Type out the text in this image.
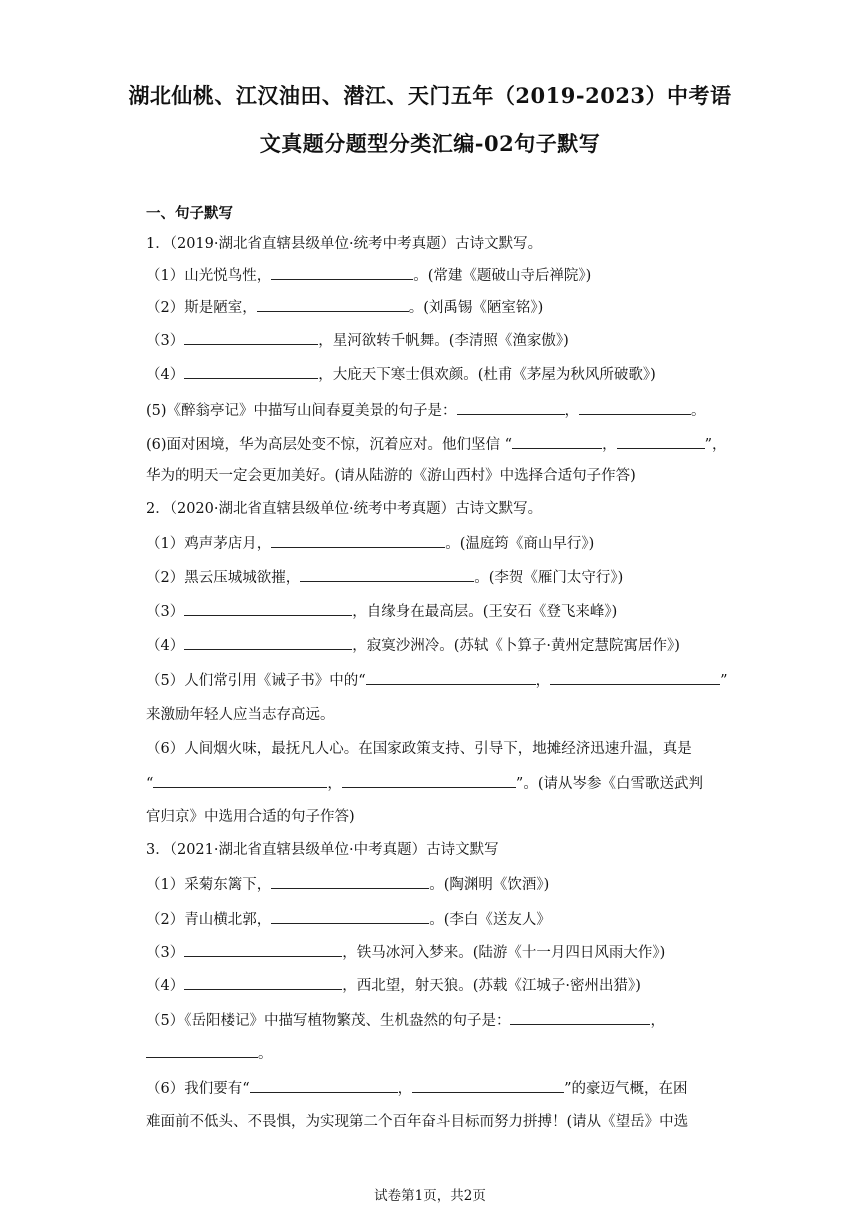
湖北仙桃、江汉油田、潜江、天门五年（2019-2023）中考语
文真题分题型分类汇编-02句子默写
一、句子默写
1．（2019·湖北省直辖县级单位·统考中考真题）古诗文默写。
（1）山光悦鸟性，	。(常建《题破山寺后禅院》)
（2）斯是陋室，	。(刘禹锡《陋室铭》)
（3）	，星河欲转千帆舞。(李清照《渔家傲》)
（4）	，大庇天下寒士俱欢颜。(杜甫《茅屋为秋风所破歌》)
(5)《醉翁亭记》中描写山间春夏美景的句子是：	，	。
(6)面对困境，华为高层处变不惊，沉着应对。他们坚信 “	，	”，
华为的明天一定会更加美好。(请从陆游的《游山西村》中选择合适句子作答)
2．（2020·湖北省直辖县级单位·统考中考真题）古诗文默写。
（1）鸡声茅店月，	。(温庭筠《商山早行》)
（2）黑云压城城欲摧，	。(李贺《雁门太守行》)
（3）	，自缘身在最高层。(王安石《登飞来峰》)
（4）	，寂寞沙洲冷。(苏轼《卜算子·黄州定慧院寓居作》)
（5）人们常引用《诫子书》中的“	，	”
来激励年轻人应当志存高远。
（6）人间烟火味，最抚凡人心。在国家政策支持、引导下，地摊经济迅速升温，真是
“	，	”。(请从岑参《白雪歌送武判
官归京》中选用合适的句子作答)
3．（2021·湖北省直辖县级单位·中考真题）古诗文默写
（1）采菊东篱下，	。(陶渊明《饮酒》)
（2）青山横北郭，	。(李白《送友人》
（3）	，铁马冰河入梦来。(陆游《十一月四日风雨大作》)
（4）	，西北望，射天狼。(苏载《江城子·密州出猎》)
（5）《岳阳楼记》中描写植物繁茂、生机盎然的句子是：	，
。
（6）我们要有“	，	”的豪迈气概，在困
难面前不低头、不畏惧，为实现第二个百年奋斗目标而努力拼搏！(请从《望岳》中选
试卷第1页，共2页
